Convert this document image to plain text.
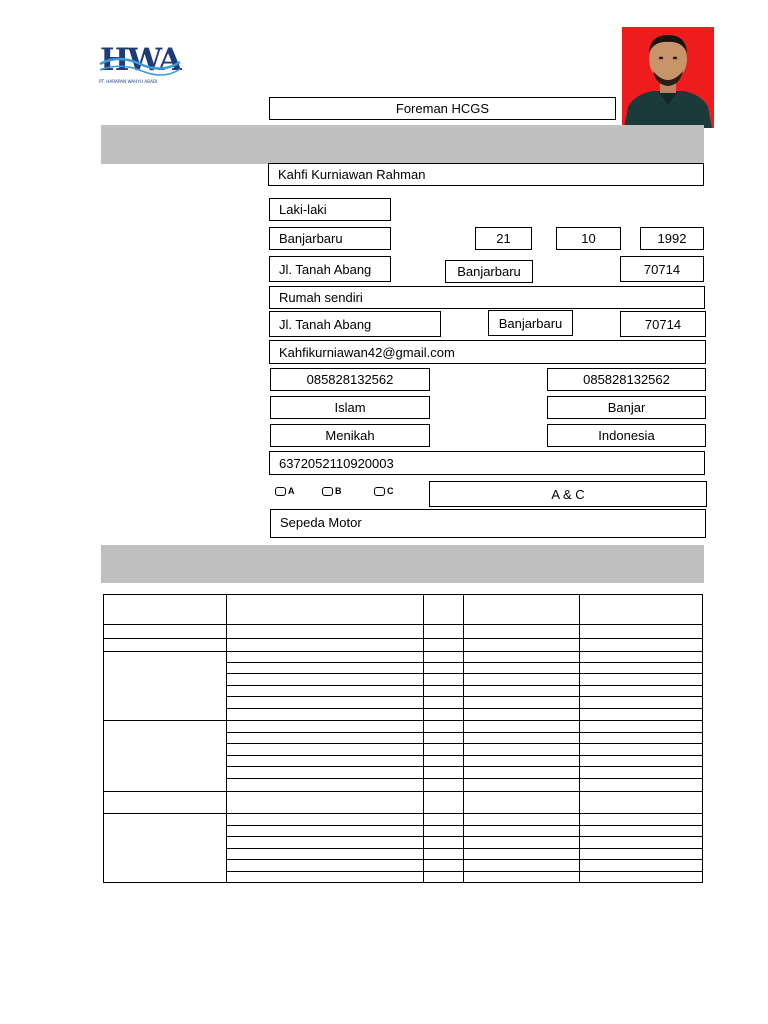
HWA
PT. HARAPAN WAHYU ABADI
Foreman HCGS
Kahfi Kurniawan Rahman
Laki-laki
Banjarbaru	21	10	1992
Jl. Tanah Abang	Banjarbaru	70714
Rumah sendiri
Jl. Tanah Abang	Banjarbaru	70714
Kahfikurniawan42@gmail.com
085828132562	085828132562
Islam	Banjar
Menikah	Indonesia
6372052110920003
A	B	C	A & C
Sepeda Motor
